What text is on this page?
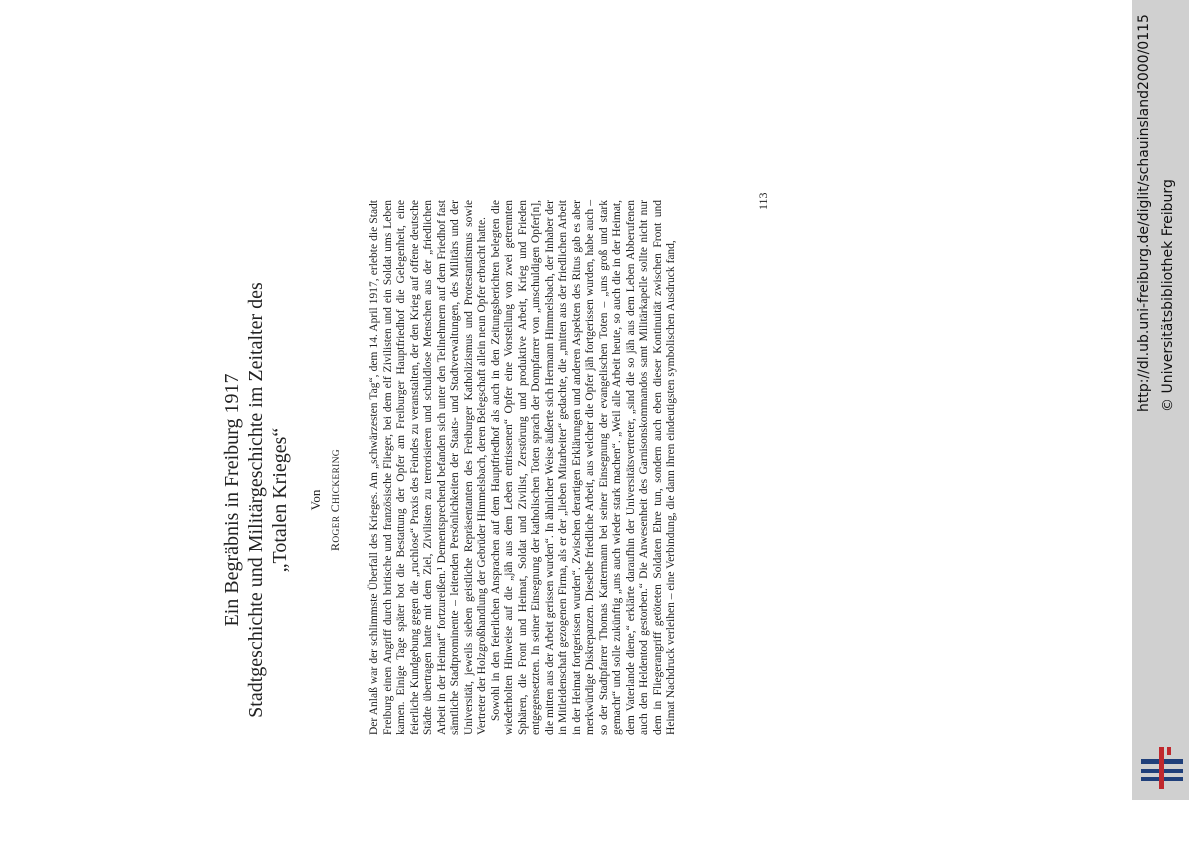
Ein Begräbnis in Freiburg 1917 Stadtgeschichte und Militärgeschichte im Zeitalter des „Totalen Krieges“ Von
ROGER CHICKERING Der Anlaß war der schlimmste Überfall des Krieges. Am „schwärzesten Tag“, dem 14. April 1917, erlebte die Stadt Freiburg einen Angriff durch britische und französische Flieger, bei dem elf Zivilisten und ein Soldat ums Leben kamen. Einige Tage später bot die Bestattung der Opfer am Freiburger Hauptfriedhof die Gelegenheit, eine feierliche Kundgebung gegen die „ruchlose“ Praxis des Feindes zu veranstalten, der den Krieg auf offene deutsche Städte übertragen hatte mit dem Ziel, Zivilisten zu terrorisieren und schuldlose Menschen aus der „friedlichen Arbeit in der Heimat“ fortzureißen.¹ Dementsprechend befanden sich unter den Teilnehmern auf dem Friedhof fast sämtliche Stadtprominente – leitenden Persönlichkeiten der Staats- und Stadtverwaltungen, des Militärs und der Universität, jeweils sieben geistliche Repräsentanten des Freiburger Katholizismus und Protestantismus sowie Vertreter der Holzgroßhandlung der Gebrüder Himmelsbach, deren Belegschaft allein neun Opfer erbracht hatte. Sowohl in den feierlichen Ansprachen auf dem Hauptfriedhof als auch in den Zeitungsberichten belegten die wiederholten Hinweise auf die „jäh aus dem Leben entrissenen“ Opfer eine Vorstellung von zwei getrennten Sphären, die Front und Heimat, Soldat und Zivilist, Zerstörung und produktive Arbeit, Krieg und Frieden entgegensetzten. In seiner Einsegnung der katholischen Toten sprach der Dompfarrer von „unschuldigen Opfer[n], die mitten aus der Arbeit gerissen wurden“. In ähnlicher Weise äußerte sich Hermann Himmelsbach, der Inhaber der in Mitleidenschaft gezogenen Firma, als er der „lieben Mitarbeiter“ gedachte, die „mitten aus der friedlichen Arbeit in der Heimat fortgerissen wurden“. Zwischen derartigen Erklärungen und anderen Aspekten des Ritus gab es aber merkwürdige Diskrepanzen. Dieselbe friedliche Arbeit, aus welcher die Opfer jäh fortgerissen wurden, habe auch – so der Stadtpfarrer Thomas Kattermann bei seiner Einsegnung der evangelischen Toten – „uns groß und stark gemacht“ und solle zukünftig „uns auch wieder stark machen“. „Weil alle Arbeit heute, so auch die in der Heimat, dem Vaterlande diene,“ erklärte daraufhin der Universitätsvertreter, „sind die so jäh aus dem Leben Abberufenen auch den Heldentod gestorben.“ Die Anwesenheit des Garnisonskommandos samt Militärkapelle sollte nicht nur dem in Fliegerangriff getöteten Soldaten Ehre tun, sondern auch eben dieser Kontinuität zwischen Front und Heimat Nachdruck verleihen – eine Verbindung, die dann ihren eindeutigsten symbolischen Ausdruck fand,

113	http://dl.ub.uni-freiburg.de/diglit/schauinsland2000/0115 © Universitätsbibliothek Freiburg
